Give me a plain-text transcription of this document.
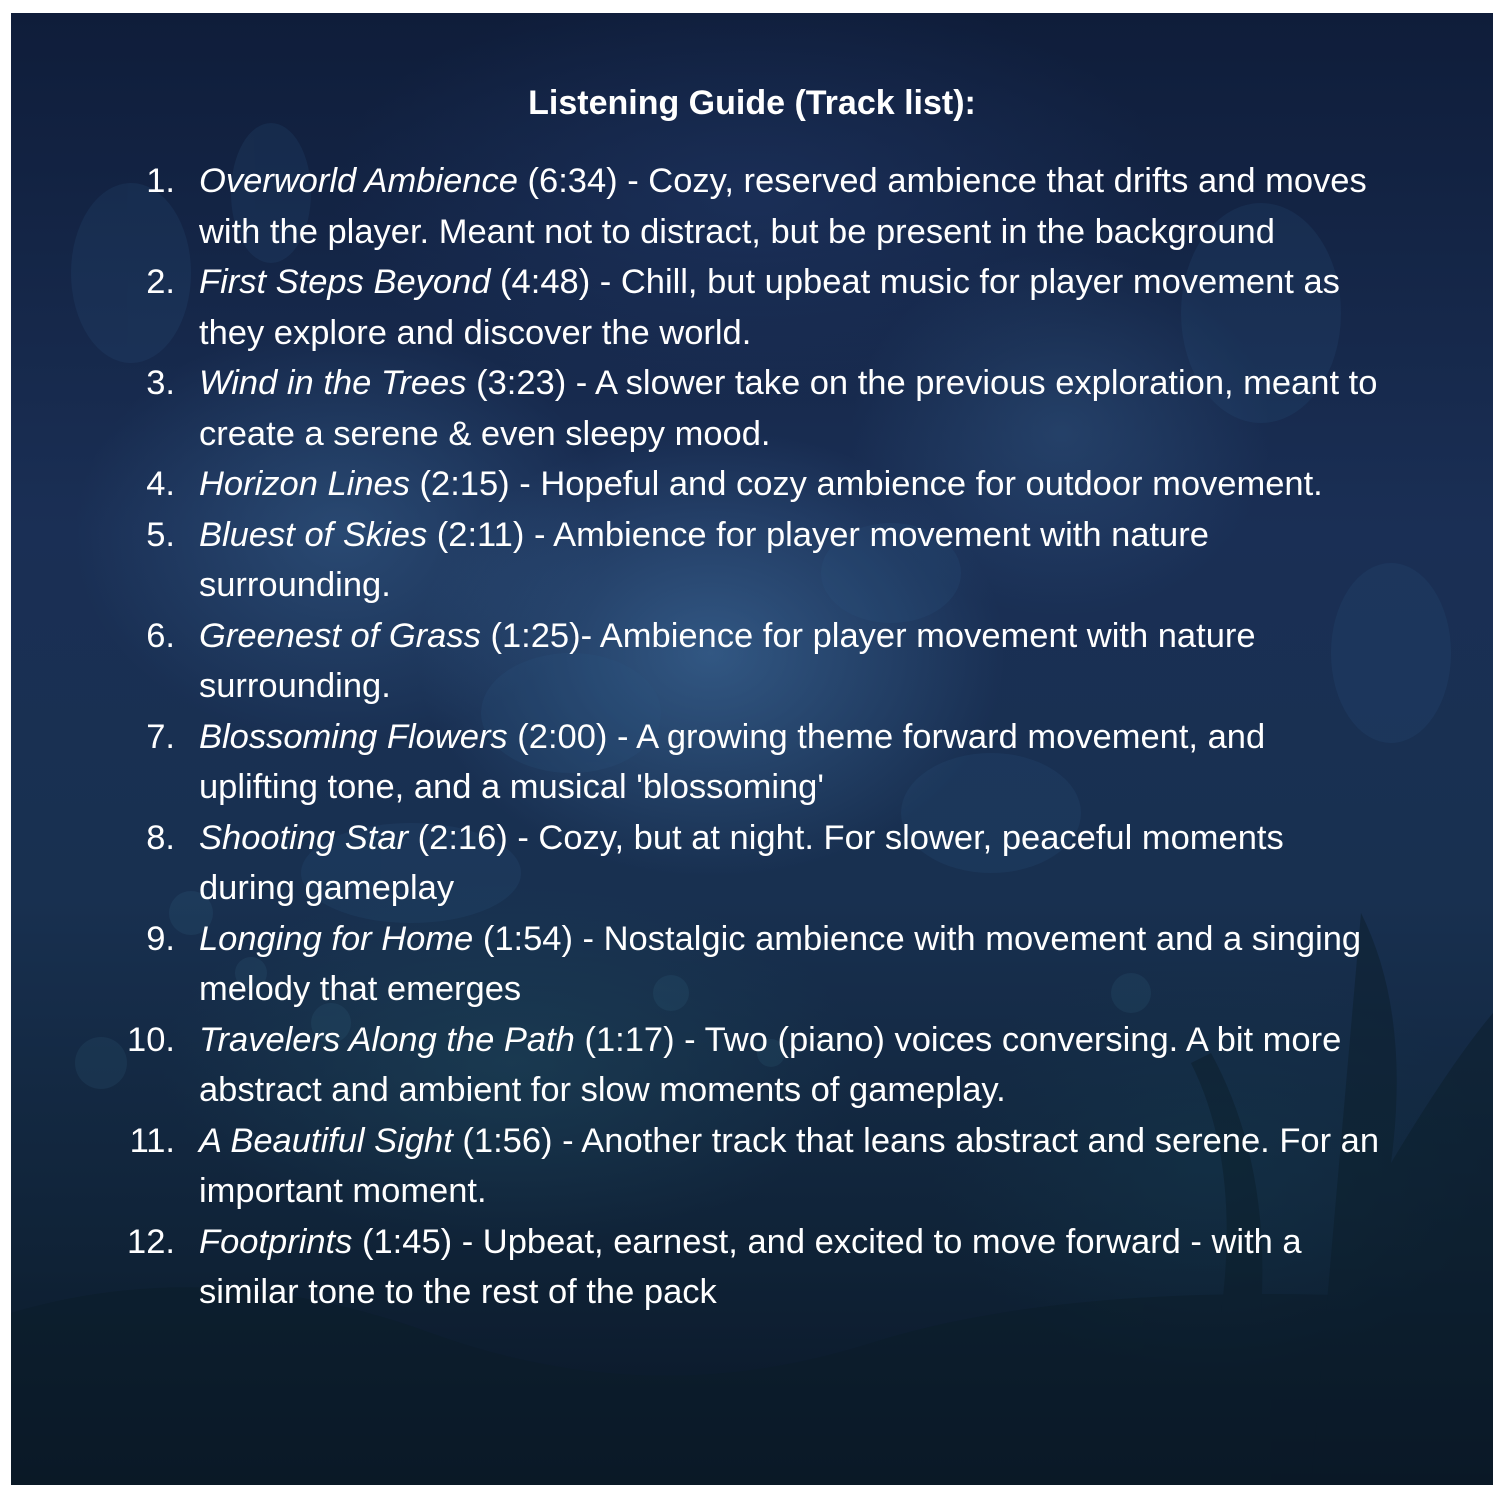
Listening Guide (Track list):
1. Overworld Ambience (6:34) - Cozy, reserved ambience that drifts and moves with the player. Meant not to distract, but be present in the background
2. First Steps Beyond (4:48) - Chill, but upbeat music for player movement as they explore and discover the world.
3. Wind in the Trees (3:23) - A slower take on the previous exploration, meant to create a serene & even sleepy mood.
4. Horizon Lines (2:15) - Hopeful and cozy ambience for outdoor movement.
5. Bluest of Skies (2:11) - Ambience for player movement with nature surrounding.
6. Greenest of Grass (1:25)- Ambience for player movement with nature surrounding.
7. Blossoming Flowers (2:00) - A growing theme forward movement, and uplifting tone, and a musical 'blossoming'
8. Shooting Star (2:16) - Cozy, but at night. For slower, peaceful moments during gameplay
9. Longing for Home (1:54) - Nostalgic ambience with movement and a singing melody that emerges
10. Travelers Along the Path (1:17) - Two (piano) voices conversing. A bit more abstract and ambient for slow moments of gameplay.
11. A Beautiful Sight (1:56) - Another track that leans abstract and serene. For an important moment.
12. Footprints (1:45) - Upbeat, earnest, and excited to move forward - with a similar tone to the rest of the pack
